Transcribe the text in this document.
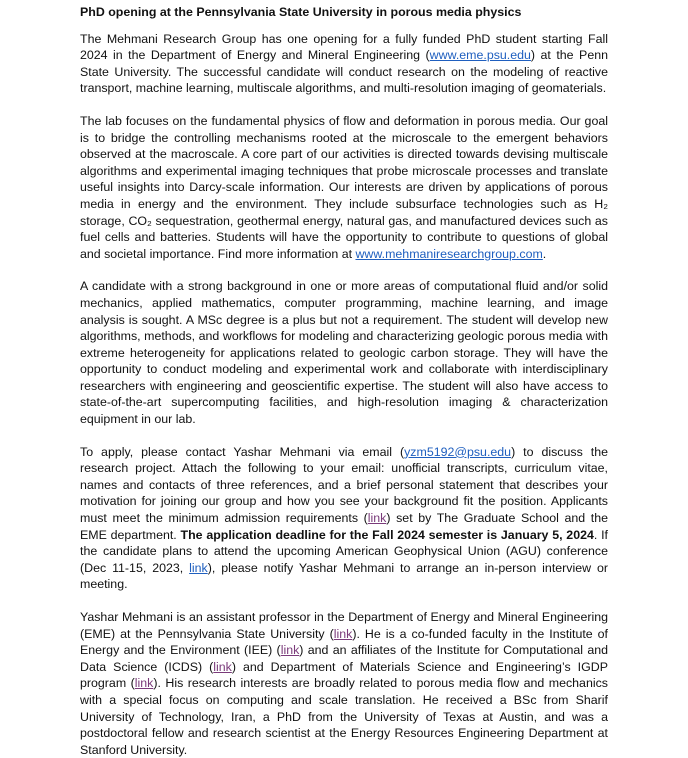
PhD opening at the Pennsylvania State University in porous media physics

The Mehmani Research Group has one opening for a fully funded PhD student starting Fall 2024 in the Department of Energy and Mineral Engineering (www.eme.psu.edu) at the Penn State University. The successful candidate will conduct research on the modeling of reactive transport, machine learning, multiscale algorithms, and multi-resolution imaging of geomaterials.

The lab focuses on the fundamental physics of flow and deformation in porous media. Our goal is to bridge the controlling mechanisms rooted at the microscale to the emergent behaviors observed at the macroscale. A core part of our activities is directed towards devising multiscale algorithms and experimental imaging techniques that probe microscale processes and translate useful insights into Darcy-scale information. Our interests are driven by applications of porous media in energy and the environment. They include subsurface technologies such as H₂ storage, CO₂ sequestration, geothermal energy, natural gas, and manufactured devices such as fuel cells and batteries. Students will have the opportunity to contribute to questions of global and societal importance. Find more information at www.mehmaniresearchgroup.com.

A candidate with a strong background in one or more areas of computational fluid and/or solid mechanics, applied mathematics, computer programming, machine learning, and image analysis is sought. A MSc degree is a plus but not a requirement. The student will develop new algorithms, methods, and workflows for modeling and characterizing geologic porous media with extreme heterogeneity for applications related to geologic carbon storage. They will have the opportunity to conduct modeling and experimental work and collaborate with interdisciplinary researchers with engineering and geoscientific expertise. The student will also have access to state-of-the-art supercomputing facilities, and high-resolution imaging & characterization equipment in our lab.

To apply, please contact Yashar Mehmani via email (yzm5192@psu.edu) to discuss the research project. Attach the following to your email: unofficial transcripts, curriculum vitae, names and contacts of three references, and a brief personal statement that describes your motivation for joining our group and how you see your background fit the position. Applicants must meet the minimum admission requirements (link) set by The Graduate School and the EME department. The application deadline for the Fall 2024 semester is January 5, 2024. If the candidate plans to attend the upcoming American Geophysical Union (AGU) conference (Dec 11-15, 2023, link), please notify Yashar Mehmani to arrange an in-person interview or meeting.

Yashar Mehmani is an assistant professor in the Department of Energy and Mineral Engineering (EME) at the Pennsylvania State University (link). He is a co-funded faculty in the Institute of Energy and the Environment (IEE) (link) and an affiliates of the Institute for Computational and Data Science (ICDS) (link) and Department of Materials Science and Engineering’s IGDP program (link). His research interests are broadly related to porous media flow and mechanics with a special focus on computing and scale translation. He received a BSc from Sharif University of Technology, Iran, a PhD from the University of Texas at Austin, and was a postdoctoral fellow and research scientist at the Energy Resources Engineering Department at Stanford University.
